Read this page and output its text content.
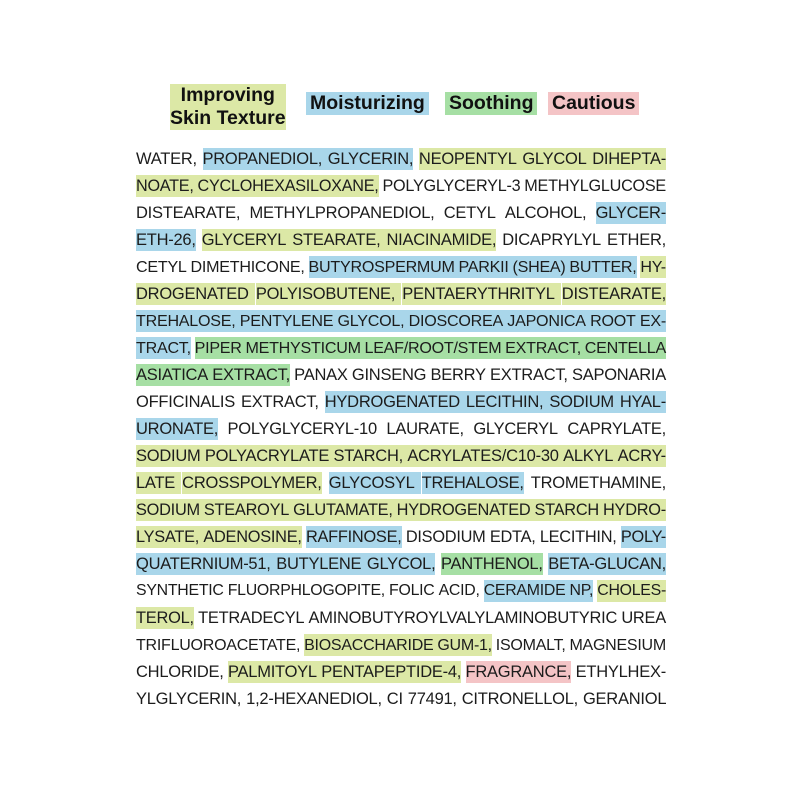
Improving
Skin Texture
Moisturizing Soothing Cautious
WATER, PROPANEDIOL, GLYCERIN, NEOPENTYL GLYCOL DIHEPTA-
NOATE, CYCLOHEXASILOXANE, POLYGLYCERYL-3 METHYLGLUCOSE
DISTEARATE, METHYLPROPANEDIOL, CETYL ALCOHOL, GLYCER-
ETH-26, GLYCERYL STEARATE, NIACINAMIDE, DICAPRYLYL ETHER,
CETYL DIMETHICONE, BUTYROSPERMUM PARKII (SHEA) BUTTER, HY-
DROGENATED POLYISOBUTENE, PENTAERYTHRITYL DISTEARATE,
TREHALOSE, PENTYLENE GLYCOL, DIOSCOREA JAPONICA ROOT EX-
TRACT, PIPER METHYSTICUM LEAF/ROOT/STEM EXTRACT, CENTELLA
ASIATICA EXTRACT, PANAX GINSENG BERRY EXTRACT, SAPONARIA
OFFICINALIS EXTRACT, HYDROGENATED LECITHIN, SODIUM HYAL-
URONATE, POLYGLYCERYL-10 LAURATE, GLYCERYL CAPRYLATE,
SODIUM POLYACRYLATE STARCH, ACRYLATES/C10-30 ALKYL ACRY-
LATE CROSSPOLYMER, GLYCOSYL TREHALOSE, TROMETHAMINE,
SODIUM STEAROYL GLUTAMATE, HYDROGENATED STARCH HYDRO-
LYSATE, ADENOSINE, RAFFINOSE, DISODIUM EDTA, LECITHIN, POLY-
QUATERNIUM-51, BUTYLENE GLYCOL, PANTHENOL, BETA-GLUCAN,
SYNTHETIC FLUORPHLOGOPITE, FOLIC ACID, CERAMIDE NP, CHOLES-
TEROL, TETRADECYL AMINOBUTYROYLVALYLAMINOBUTYRIC UREA
TRIFLUOROACETATE, BIOSACCHARIDE GUM-1, ISOMALT, MAGNESIUM
CHLORIDE, PALMITOYL PENTAPEPTIDE-4, FRAGRANCE, ETHYLHEX-
YLGLYCERIN, 1,2-HEXANEDIOL, CI 77491, CITRONELLOL, GERANIOL
